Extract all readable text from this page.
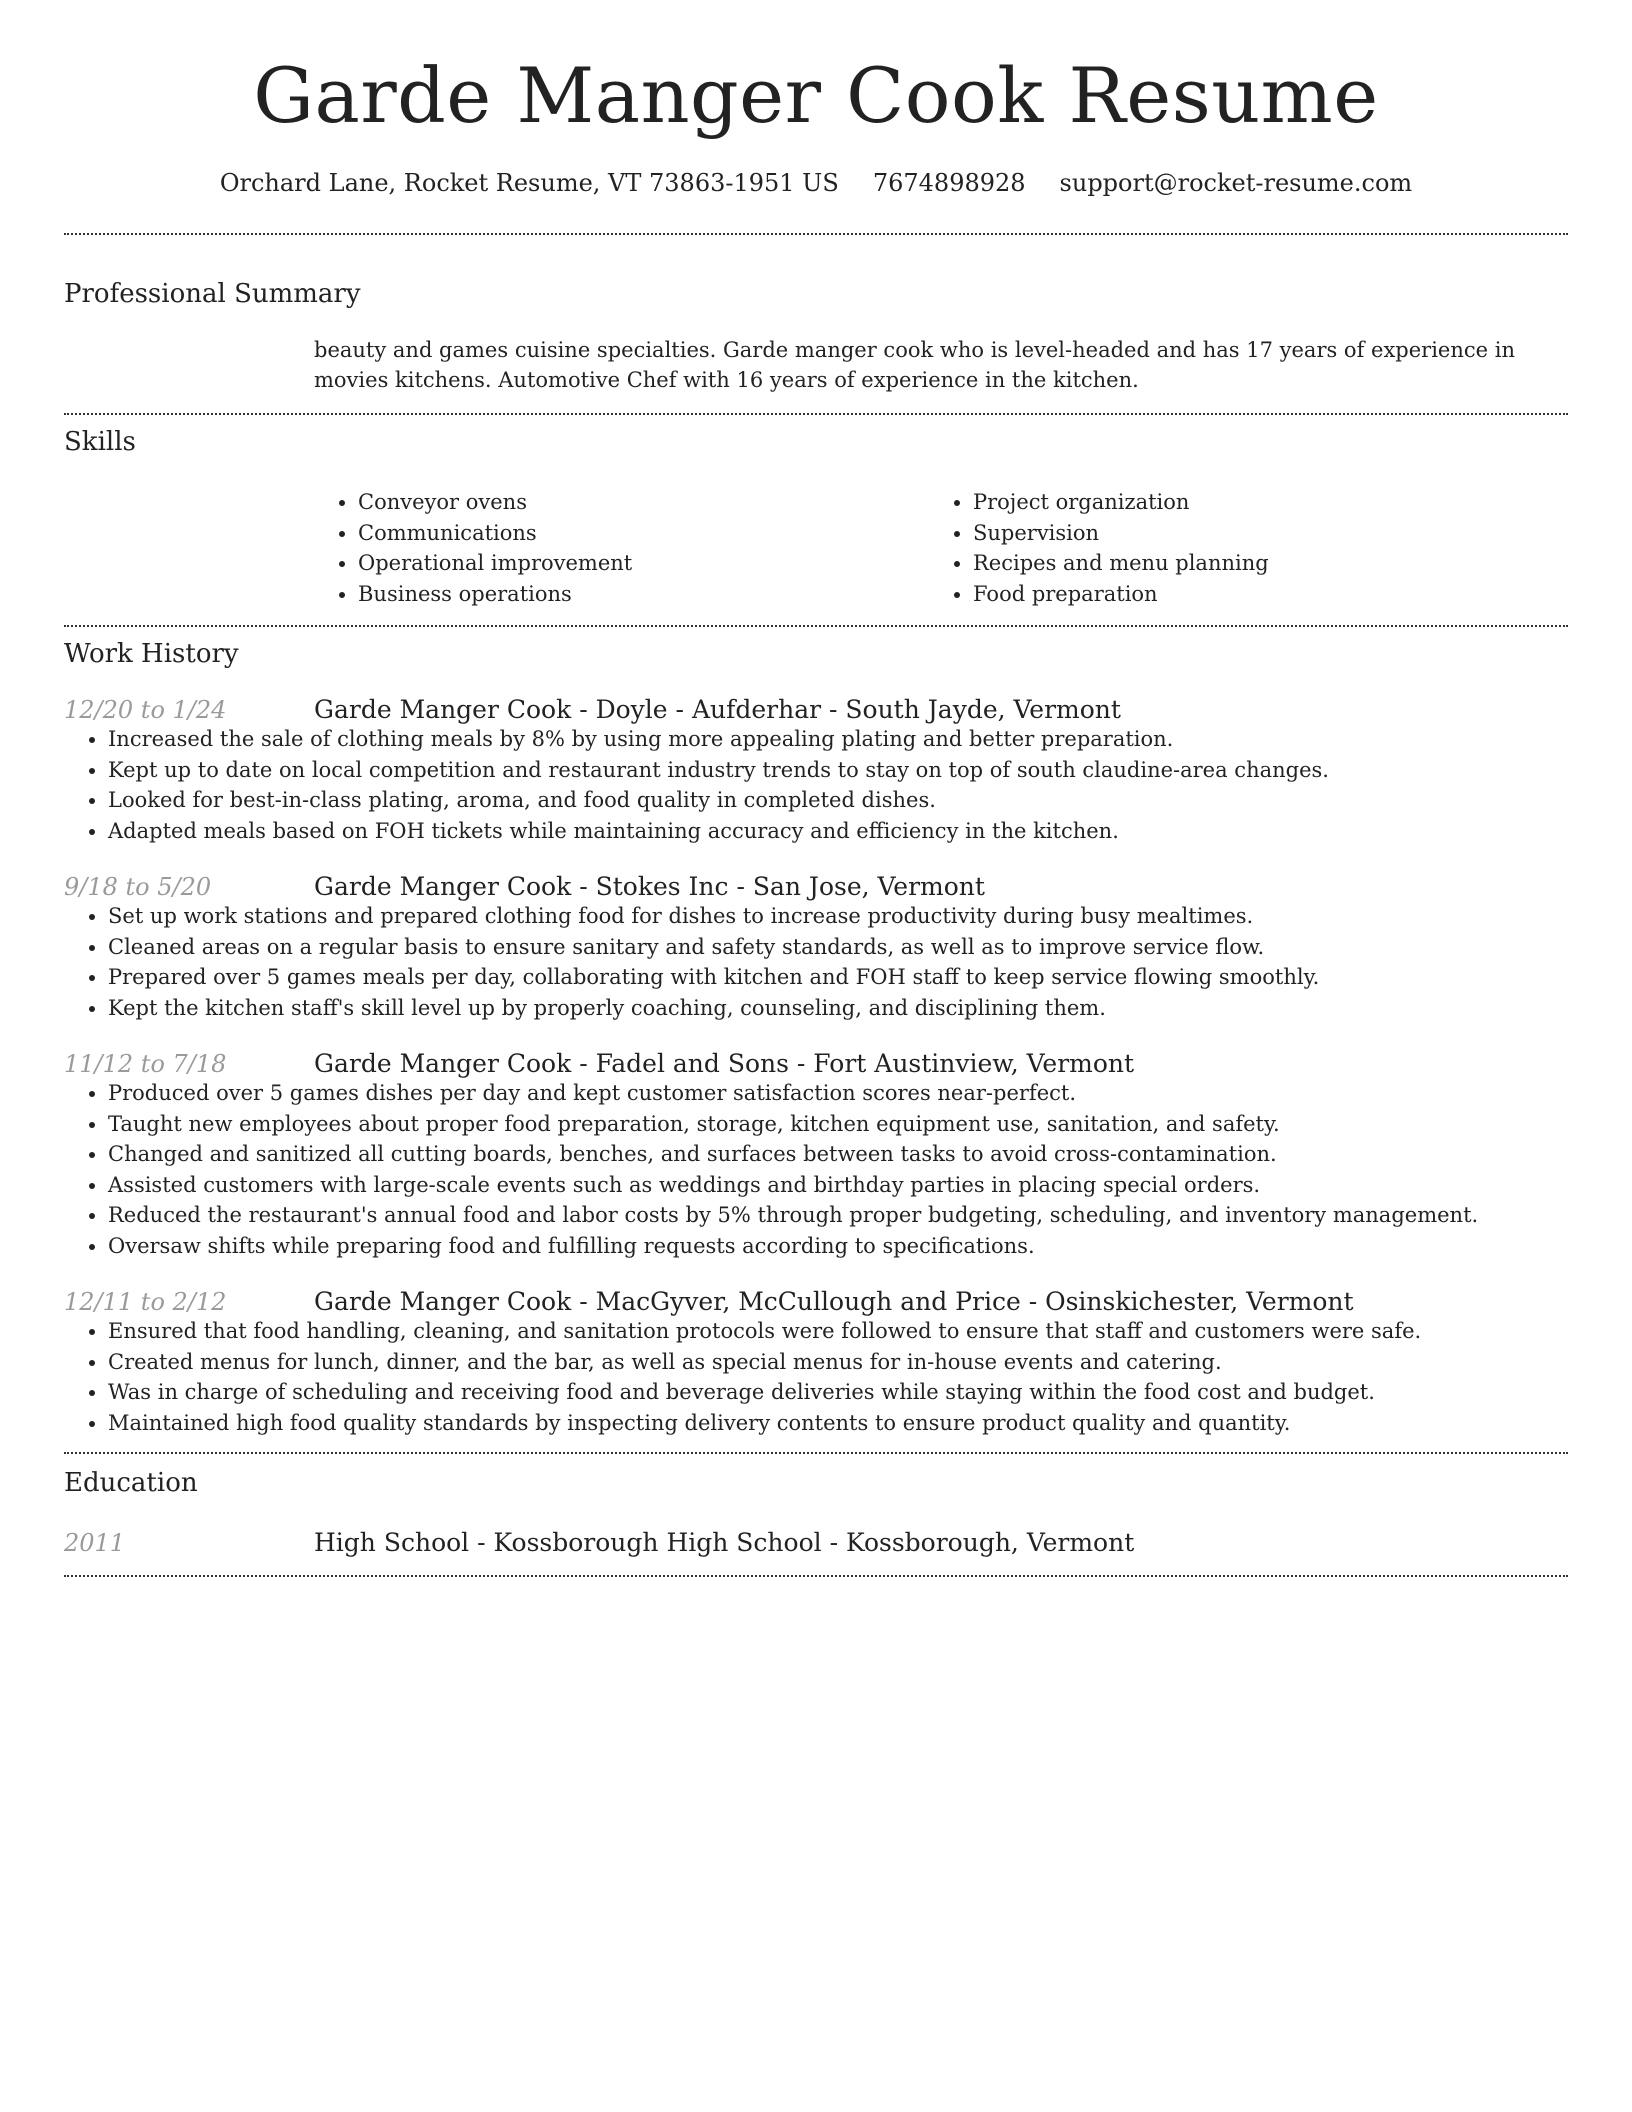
Garde Manger Cook Resume
Orchard Lane, Rocket Resume, VT 73863-1951 US 7674898928 support@rocket-resume.com
Professional Summary
beauty and games cuisine specialties. Garde manger cook who is level-headed and has 17 years of experience in movies kitchens. Automotive Chef with 16 years of experience in the kitchen.
Skills
• Conveyor ovens
• Communications
• Operational improvement
• Business operations
• Project organization
• Supervision
• Recipes and menu planning
• Food preparation
Work History
12/20 to 1/24	Garde Manger Cook - Doyle - Aufderhar - South Jayde, Vermont
• Increased the sale of clothing meals by 8% by using more appealing plating and better preparation.
• Kept up to date on local competition and restaurant industry trends to stay on top of south claudine-area changes.
• Looked for best-in-class plating, aroma, and food quality in completed dishes.
• Adapted meals based on FOH tickets while maintaining accuracy and efficiency in the kitchen.
9/18 to 5/20	Garde Manger Cook - Stokes Inc - San Jose, Vermont
• Set up work stations and prepared clothing food for dishes to increase productivity during busy mealtimes.
• Cleaned areas on a regular basis to ensure sanitary and safety standards, as well as to improve service flow.
• Prepared over 5 games meals per day, collaborating with kitchen and FOH staff to keep service flowing smoothly.
• Kept the kitchen staff's skill level up by properly coaching, counseling, and disciplining them.
11/12 to 7/18	Garde Manger Cook - Fadel and Sons - Fort Austinview, Vermont
• Produced over 5 games dishes per day and kept customer satisfaction scores near-perfect.
• Taught new employees about proper food preparation, storage, kitchen equipment use, sanitation, and safety.
• Changed and sanitized all cutting boards, benches, and surfaces between tasks to avoid cross-contamination.
• Assisted customers with large-scale events such as weddings and birthday parties in placing special orders.
• Reduced the restaurant's annual food and labor costs by 5% through proper budgeting, scheduling, and inventory management.
• Oversaw shifts while preparing food and fulfilling requests according to specifications.
12/11 to 2/12	Garde Manger Cook - MacGyver, McCullough and Price - Osinskichester, Vermont
• Ensured that food handling, cleaning, and sanitation protocols were followed to ensure that staff and customers were safe.
• Created menus for lunch, dinner, and the bar, as well as special menus for in-house events and catering.
• Was in charge of scheduling and receiving food and beverage deliveries while staying within the food cost and budget.
• Maintained high food quality standards by inspecting delivery contents to ensure product quality and quantity.
Education
2011	High School - Kossborough High School - Kossborough, Vermont
